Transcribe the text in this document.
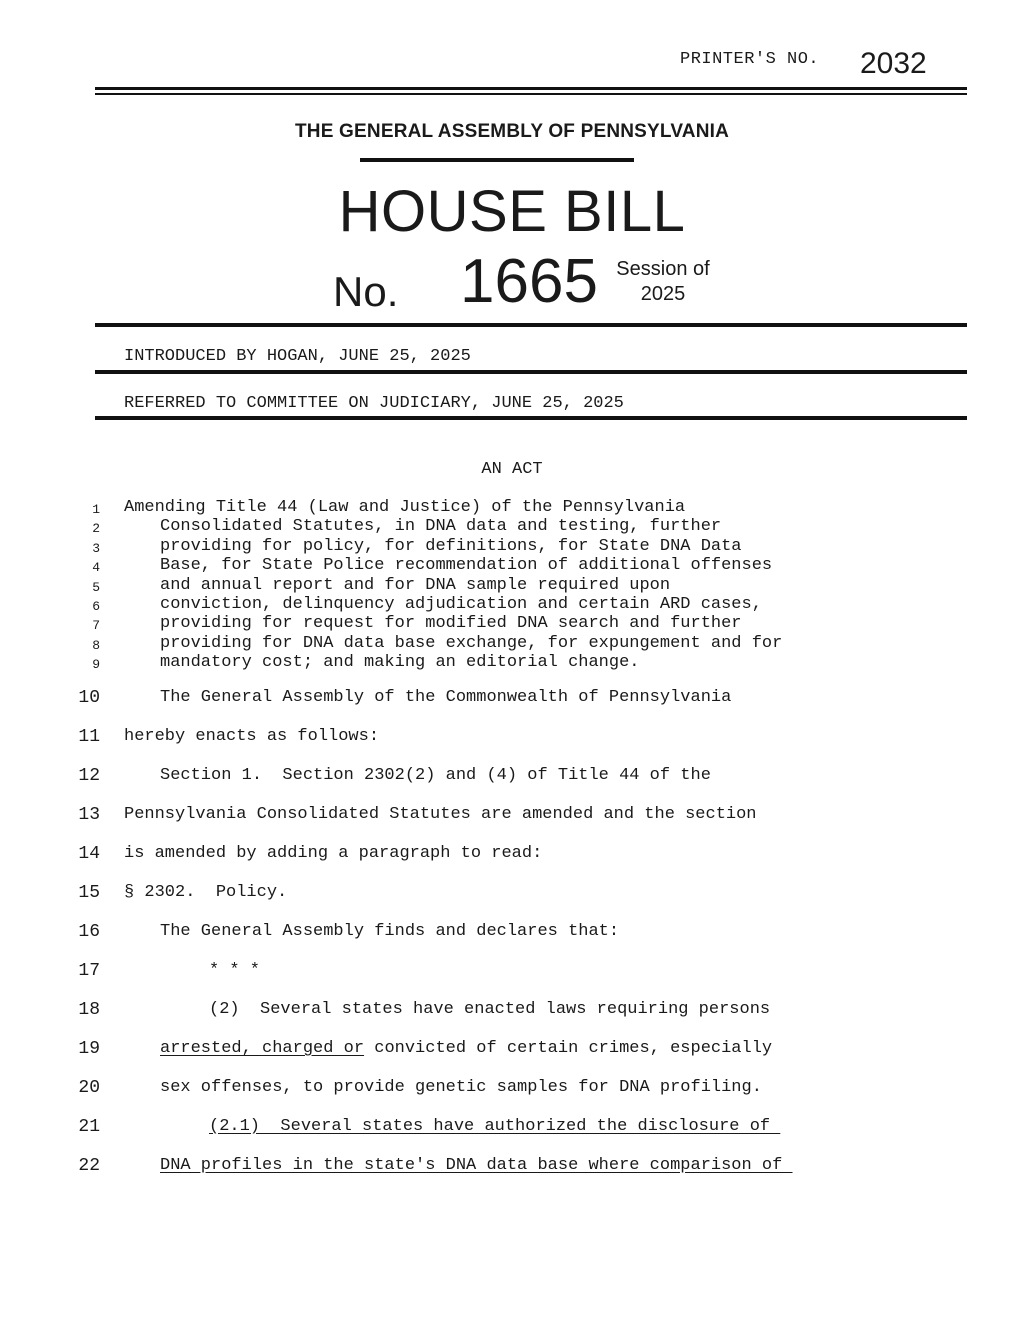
PRINTER'S NO. 2032
THE GENERAL ASSEMBLY OF PENNSYLVANIA
HOUSE BILL
No. 1665 Session of
2025
INTRODUCED BY HOGAN, JUNE 25, 2025
REFERRED TO COMMITTEE ON JUDICIARY, JUNE 25, 2025
AN ACT
1
2
3
4
5
6
7
8
9
Amending Title 44 (Law and Justice) of the Pennsylvania
Consolidated Statutes, in DNA data and testing, further
providing for policy, for definitions, for State DNA Data
Base, for State Police recommendation of additional offenses
and annual report and for DNA sample required upon
conviction, delinquency adjudication and certain ARD cases,
providing for request for modified DNA search and further
providing for DNA data base exchange, for expungement and for
mandatory cost; and making an editorial change.
10	The General Assembly of the Commonwealth of Pennsylvania
11 hereby enacts as follows:
12	Section 1.  Section 2302(2) and (4) of Title 44 of the
13 Pennsylvania Consolidated Statutes are amended and the section
14 is amended by adding a paragraph to read:
15 § 2302.  Policy.
16	The General Assembly finds and declares that:
17	* * *
18	(2)  Several states have enacted laws requiring persons
19	arrested, charged or convicted of certain crimes, especially
20	sex offenses, to provide genetic samples for DNA profiling.
21	(2.1)  Several states have authorized the disclosure of
22	DNA profiles in the state's DNA data base where comparison of
